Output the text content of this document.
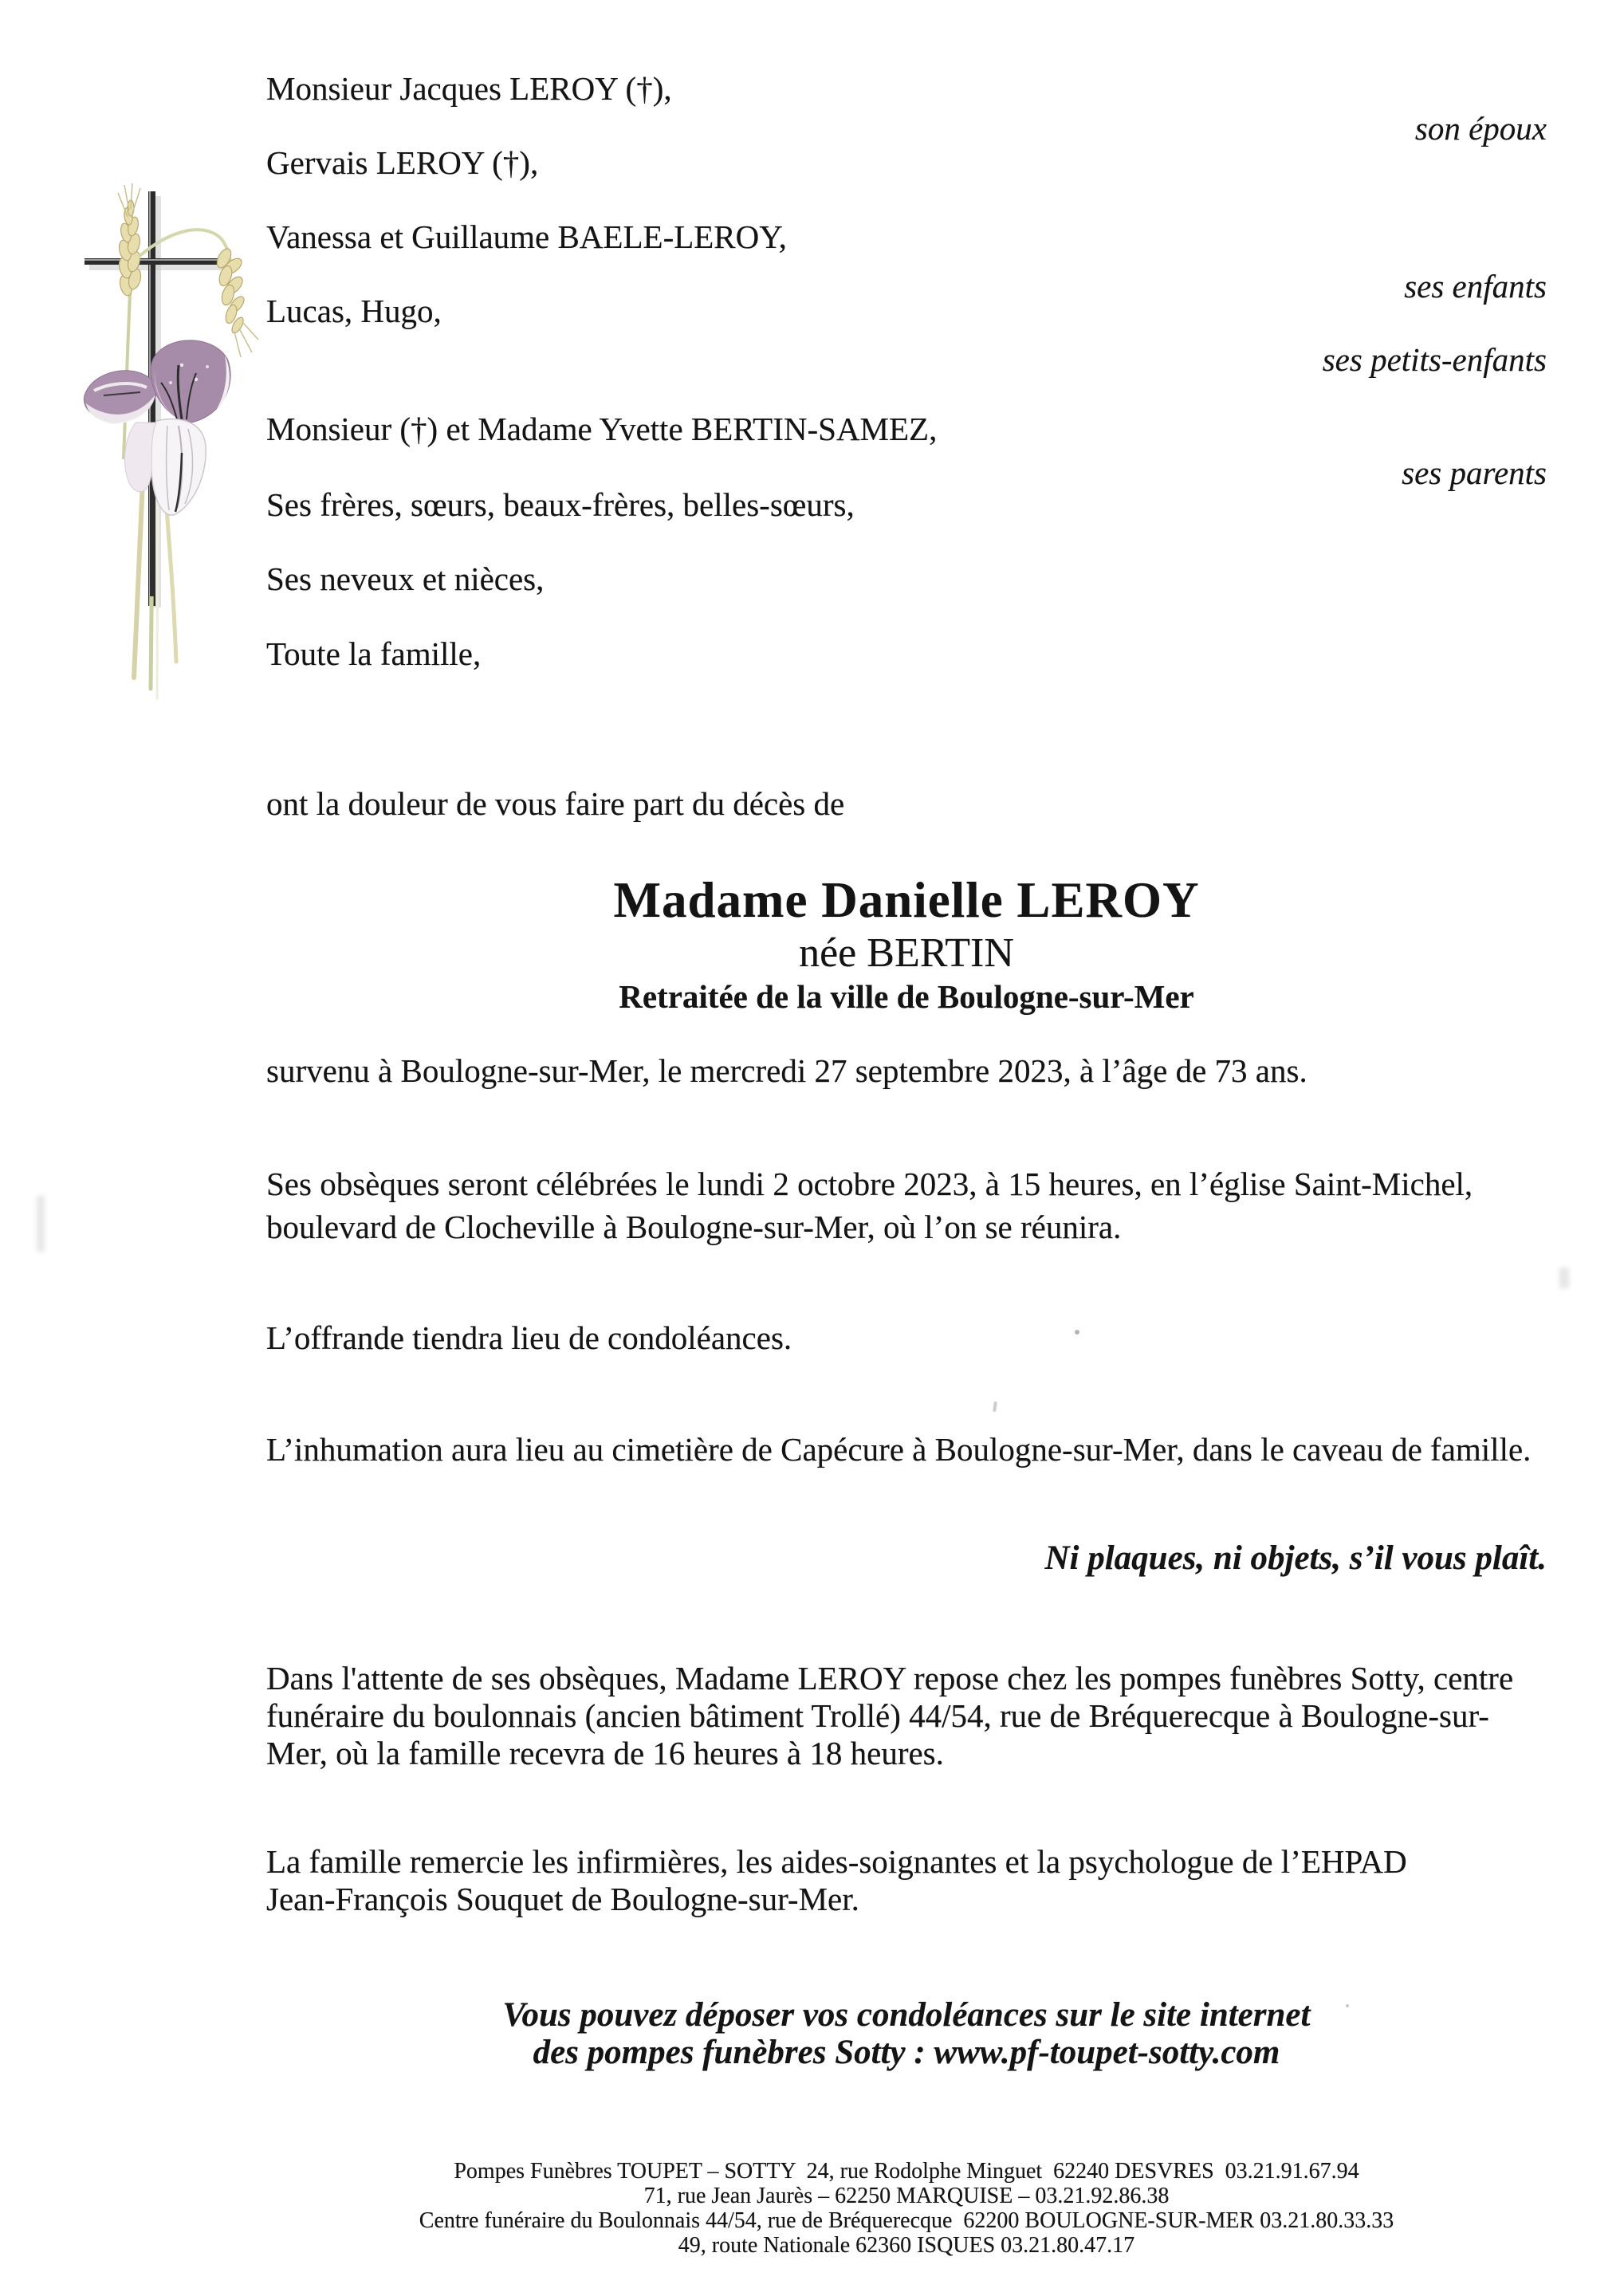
Monsieur Jacques LEROY (†),
Gervais LEROY (†),
Vanessa et Guillaume BAELE-LEROY,
Lucas, Hugo,
Monsieur (†) et Madame Yvette BERTIN-SAMEZ,
Ses frères, sœurs, beaux-frères, belles-sœurs,
Ses neveux et nièces,
Toute la famille,
son époux
ses enfants
ses petits-enfants
ses parents
ont la douleur de vous faire part du décès de
Madame Danielle LEROY
née BERTIN
Retraitée de la ville de Boulogne-sur-Mer
survenu à Boulogne-sur-Mer, le mercredi 27 septembre 2023, à l’âge de 73 ans.
Ses obsèques seront célébrées le lundi 2 octobre 2023, à 15 heures, en l’église Saint-Michel,
boulevard de Clocheville à Boulogne-sur-Mer, où l’on se réunira.
L’offrande tiendra lieu de condoléances.
L’inhumation aura lieu au cimetière de Capécure à Boulogne-sur-Mer, dans le caveau de famille.
Ni plaques, ni objets, s’il vous plaît.
Dans l'attente de ses obsèques, Madame LEROY repose chez les pompes funèbres Sotty, centre
funéraire du boulonnais (ancien bâtiment Trollé) 44/54, rue de Bréquerecque à Boulogne-sur-
Mer, où la famille recevra de 16 heures à 18 heures.
La famille remercie les infirmières, les aides-soignantes et la psychologue de l’EHPAD
Jean-François Souquet de Boulogne-sur-Mer.
Vous pouvez déposer vos condoléances sur le site internet
des pompes funèbres Sotty : www.pf-toupet-sotty.com
Pompes Funèbres TOUPET – SOTTY  24, rue Rodolphe Minguet  62240 DESVRES  03.21.91.67.94
71, rue Jean Jaurès – 62250 MARQUISE – 03.21.92.86.38
Centre funéraire du Boulonnais 44/54, rue de Bréquerecque  62200 BOULOGNE-SUR-MER 03.21.80.33.33
49, route Nationale 62360 ISQUES 03.21.80.47.17
